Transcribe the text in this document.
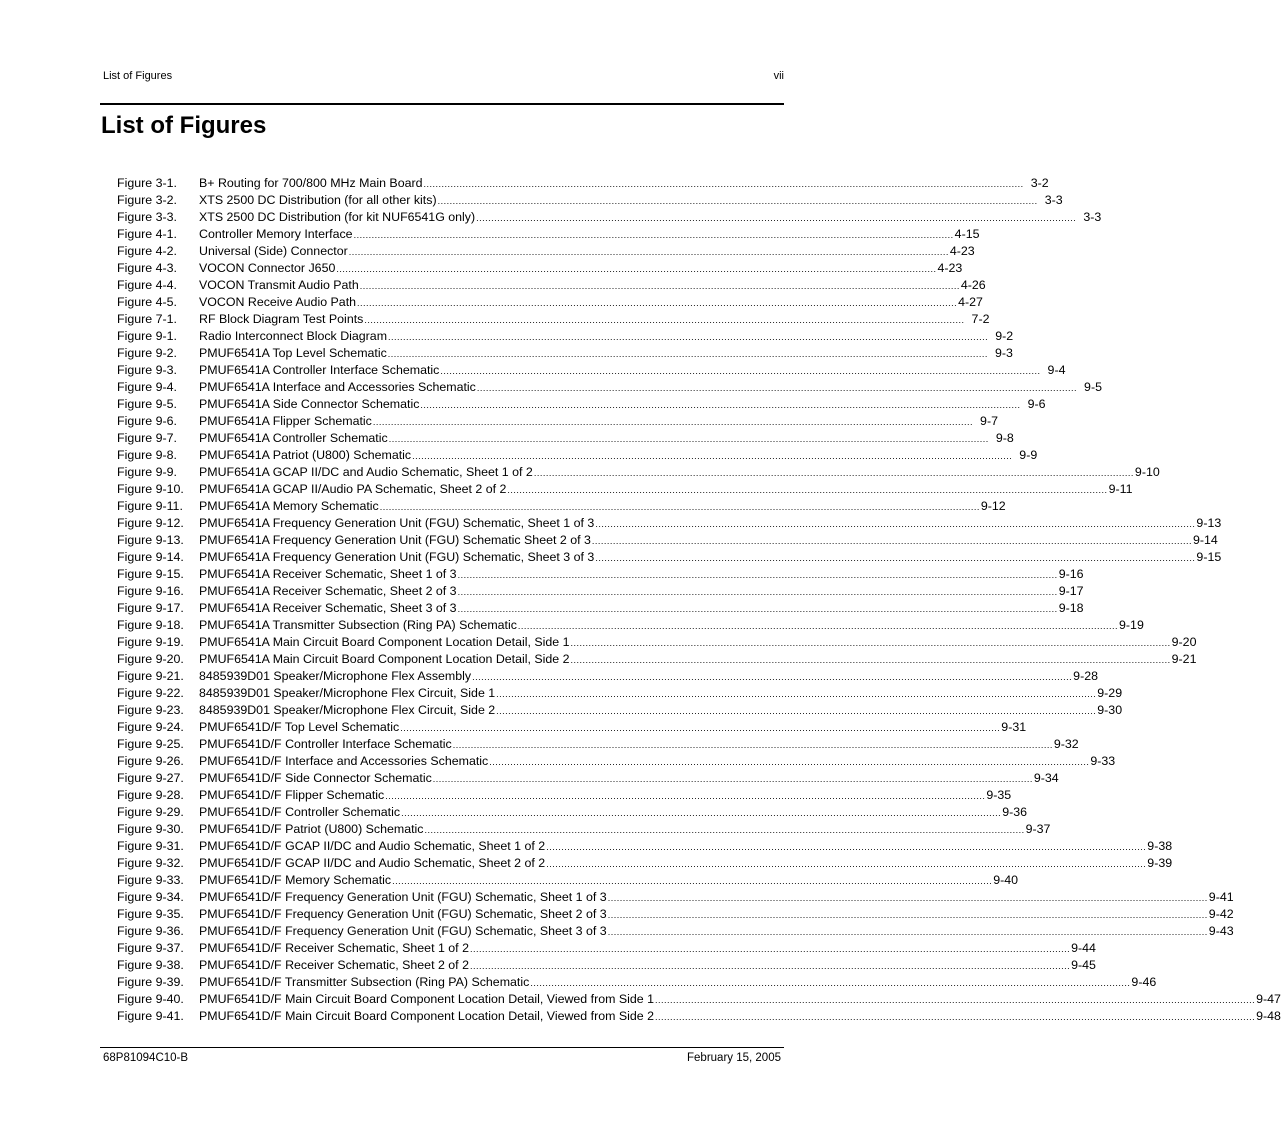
List of Figures	vii
List of Figures
Figure 3-1.	B+ Routing for 700/800 MHz Main Board .....	3-2
Figure 3-2.	XTS 2500 DC Distribution (for all other kits) .....	3-3
Figure 3-3.	XTS 2500 DC Distribution (for kit NUF6541G only) .....	3-3
Figure 4-1.	Controller Memory Interface .....	4-15
Figure 4-2.	Universal (Side) Connector .....	4-23
Figure 4-3.	VOCON Connector J650 .....	4-23
Figure 4-4.	VOCON Transmit Audio Path .....	4-26
Figure 4-5.	VOCON Receive Audio Path .....	4-27
Figure 7-1.	RF Block Diagram Test Points .....	7-2
Figure 9-1.	Radio Interconnect Block Diagram .....	9-2
Figure 9-2.	PMUF6541A Top Level Schematic .....	9-3
Figure 9-3.	PMUF6541A Controller Interface Schematic .....	9-4
Figure 9-4.	PMUF6541A Interface and Accessories Schematic .....	9-5
Figure 9-5.	PMUF6541A Side Connector Schematic .....	9-6
Figure 9-6.	PMUF6541A Flipper Schematic .....	9-7
Figure 9-7.	PMUF6541A Controller Schematic .....	9-8
Figure 9-8.	PMUF6541A Patriot (U800) Schematic .....	9-9
Figure 9-9.	PMUF6541A GCAP II/DC and Audio Schematic, Sheet 1 of 2 .....	9-10
Figure 9-10.	PMUF6541A GCAP II/Audio PA Schematic, Sheet 2 of 2 .....	9-11
Figure 9-11.	PMUF6541A Memory Schematic .....	9-12
Figure 9-12.	PMUF6541A Frequency Generation Unit (FGU) Schematic, Sheet 1 of 3 .....	9-13
Figure 9-13.	PMUF6541A Frequency Generation Unit (FGU) Schematic Sheet 2 of 3 .....	9-14
Figure 9-14.	PMUF6541A Frequency Generation Unit (FGU) Schematic, Sheet 3 of 3 .....	9-15
Figure 9-15.	PMUF6541A Receiver Schematic, Sheet 1 of 3 .....	9-16
Figure 9-16.	PMUF6541A Receiver Schematic, Sheet 2 of 3 .....	9-17
Figure 9-17.	PMUF6541A Receiver Schematic, Sheet 3 of 3 .....	9-18
Figure 9-18.	PMUF6541A Transmitter Subsection (Ring PA) Schematic .....	9-19
Figure 9-19.	PMUF6541A Main Circuit Board Component Location Detail, Side 1 .....	9-20
Figure 9-20.	PMUF6541A Main Circuit Board Component Location Detail, Side 2 .....	9-21
Figure 9-21.	8485939D01 Speaker/Microphone Flex Assembly .....	9-28
Figure 9-22.	8485939D01 Speaker/Microphone Flex Circuit, Side 1 .....	9-29
Figure 9-23.	8485939D01 Speaker/Microphone Flex Circuit, Side 2 .....	9-30
Figure 9-24.	PMUF6541D/F Top Level Schematic .....	9-31
Figure 9-25.	PMUF6541D/F Controller Interface Schematic .....	9-32
Figure 9-26.	PMUF6541D/F Interface and Accessories Schematic .....	9-33
Figure 9-27.	PMUF6541D/F Side Connector Schematic .....	9-34
Figure 9-28.	PMUF6541D/F Flipper Schematic .....	9-35
Figure 9-29.	PMUF6541D/F Controller Schematic .....	9-36
Figure 9-30.	PMUF6541D/F Patriot (U800) Schematic .....	9-37
Figure 9-31.	PMUF6541D/F GCAP II/DC and Audio Schematic, Sheet 1 of 2 .....	9-38
Figure 9-32.	PMUF6541D/F GCAP II/DC and Audio Schematic, Sheet 2 of 2 .....	9-39
Figure 9-33.	PMUF6541D/F Memory Schematic .....	9-40
Figure 9-34.	PMUF6541D/F Frequency Generation Unit (FGU) Schematic, Sheet 1 of 3 .....	9-41
Figure 9-35.	PMUF6541D/F Frequency Generation Unit (FGU) Schematic, Sheet 2 of 3 .....	9-42
Figure 9-36.	PMUF6541D/F Frequency Generation Unit (FGU) Schematic, Sheet 3 of 3 .....	9-43
Figure 9-37.	PMUF6541D/F Receiver Schematic, Sheet 1 of 2 .....	9-44
Figure 9-38.	PMUF6541D/F Receiver Schematic, Sheet 2 of 2 .....	9-45
Figure 9-39.	PMUF6541D/F Transmitter Subsection (Ring PA) Schematic .....	9-46
Figure 9-40.	PMUF6541D/F Main Circuit Board Component Location Detail, Viewed from Side 1 .....	9-47
Figure 9-41.	PMUF6541D/F Main Circuit Board Component Location Detail, Viewed from Side 2 .....	9-48
68P81094C10-B	February 15, 2005
